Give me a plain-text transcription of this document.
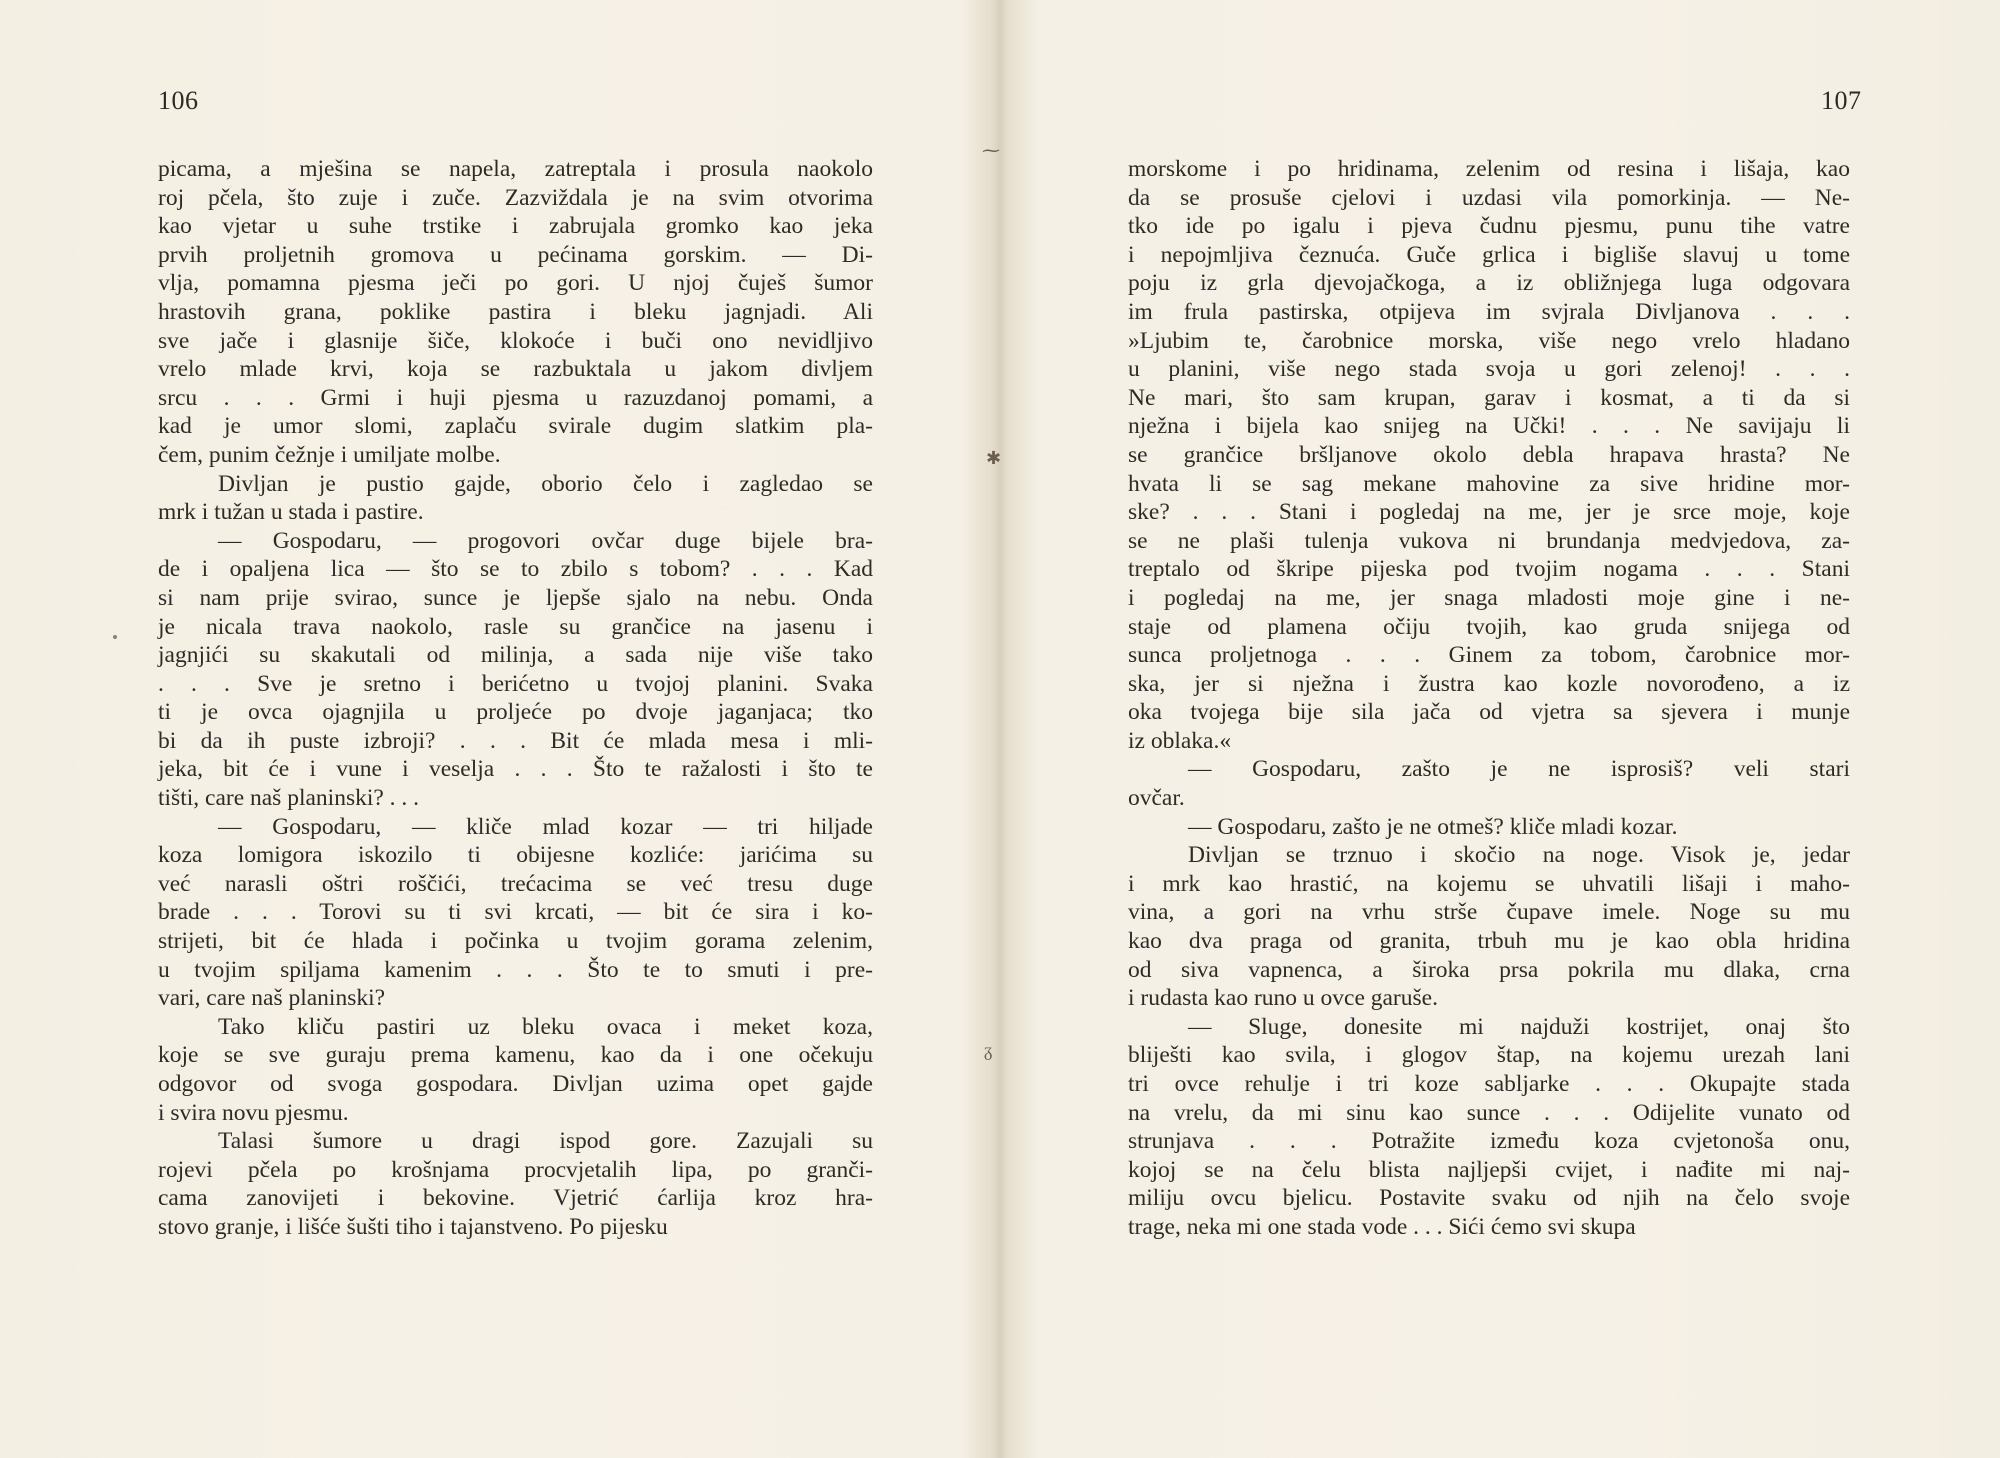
106
picama, a mješina se napela, zatreptala i prosula naokolo
roj pčela, što zuje i zuče. Zazviždala je na svim otvorima
kao vjetar u suhe trstike i zabrujala gromko kao jeka
prvih proljetnih gromova u pećinama gorskim. — Di-
vlja, pomamna pjesma ječi po gori. U njoj čuješ šumor
hrastovih grana, poklike pastira i bleku jagnjadi. Ali
sve jače i glasnije šiče, klokoće i buči ono nevidljivo
vrelo mlade krvi, koja se razbuktala u jakom divljem
srcu . . . Grmi i huji pjesma u razuzdanoj pomami, a
kad je umor slomi, zaplaču svirale dugim slatkim pla-
čem, punim čežnje i umiljate molbe.
Divljan je pustio gajde, oborio čelo i zagledao se
mrk i tužan u stada i pastire.
— Gospodaru, — progovori ovčar duge bijele bra-
de i opaljena lica — što se to zbilo s tobom? . . . Kad
si nam prije svirao, sunce je ljepše sjalo na nebu. Onda
je nicala trava naokolo, rasle su grančice na jasenu i
jagnjići su skakutali od milinja, a sada nije više tako
. . . Sve je sretno i berićetno u tvojoj planini. Svaka
ti je ovca ojagnjila u proljeće po dvoje jaganjaca; tko
bi da ih puste izbroji? . . . Bit će mlada mesa i mli-
jeka, bit će i vune i veselja . . . Što te ražalosti i što te
tišti, care naš planinski? . . .
— Gospodaru, — kliče mlad kozar — tri hiljade
koza lomigora iskozilo ti obijesne kozliće: jarićima su
već narasli oštri roščići, trećacima se već tresu duge
brade . . . Torovi su ti svi krcati, — bit će sira i ko-
strijeti, bit će hlada i počinka u tvojim gorama zelenim,
u tvojim spiljama kamenim . . . Što te to smuti i pre-
vari, care naš planinski?
Tako kliču pastiri uz bleku ovaca i meket koza,
koje se sve guraju prema kamenu, kao da i one očekuju
odgovor od svoga gospodara. Divljan uzima opet gajde
i svira novu pjesmu.
Talasi šumore u dragi ispod gore. Zazujali su
rojevi pčela po krošnjama procvjetalih lipa, po granči-
cama zanovijeti i bekovine. Vjetrić ćarlija kroz hra-
stovo granje, i lišće šušti tiho i tajanstveno. Po pijesku
107
morskome i po hridinama, zelenim od resina i lišaja, kao
da se prosuše cjelovi i uzdasi vila pomorkinja. — Ne-
tko ide po igalu i pjeva čudnu pjesmu, punu tihe vatre
i nepojmljiva čeznuća. Guče grlica i bigliše slavuj u tome
poju iz grla djevojačkoga, a iz obližnjega luga odgovara
im frula pastirska, otpijeva im svjrala Divljanova . . .
»Ljubim te, čarobnice morska, više nego vrelo hladano
u planini, više nego stada svoja u gori zelenoj! . . .
Ne mari, što sam krupan, garav i kosmat, a ti da si
nježna i bijela kao snijeg na Učki! . . . Ne savijaju li
se grančice bršljanove okolo debla hrapava hrasta? Ne
hvata li se sag mekane mahovine za sive hridine mor-
ske? . . . Stani i pogledaj na me, jer je srce moje, koje
se ne plaši tulenja vukova ni brundanja medvjedova, za-
treptalo od škripe pijeska pod tvojim nogama . . . Stani
i pogledaj na me, jer snaga mladosti moje gine i ne-
staje od plamena očiju tvojih, kao gruda snijega od
sunca proljetnoga . . . Ginem za tobom, čarobnice mor-
ska, jer si nježna i žustra kao kozle novorođeno, a iz
oka tvojega bije sila jača od vjetra sa sjevera i munje
iz oblaka.«
— Gospodaru, zašto je ne isprosiš? veli stari
ovčar.
— Gospodaru, zašto je ne otmeš? kliče mladi kozar.
Divljan se trznuo i skočio na noge. Visok je, jedar
i mrk kao hrastić, na kojemu se uhvatili lišaji i maho-
vina, a gori na vrhu strše čupave imele. Noge su mu
kao dva praga od granita, trbuh mu je kao obla hridina
od siva vapnenca, a široka prsa pokrila mu dlaka, crna
i rudasta kao runo u ovce garuše.
— Sluge, donesite mi najduži kostrijet, onaj što
bliješti kao svila, i glogov štap, na kojemu urezah lani
tri ovce rehulje i tri koze sabljarke . . . Okupajte stada
na vrelu, da mi sinu kao sunce . . . Odijelite vunato od
strunjava . . . Potražite između koza cvjetonoša onu,
kojoj se na čelu blista najljepši cvijet, i nađite mi naj-
miliju ovcu bjelicu. Postavite svaku od njih na čelo svoje
trage, neka mi one stada vode . . . Sići ćemo svi skupa
⁓
✱
ᵹ
